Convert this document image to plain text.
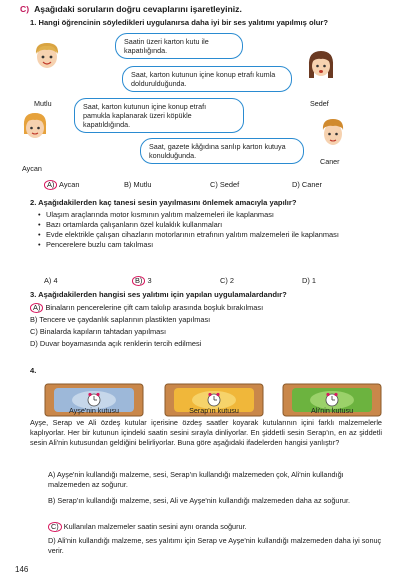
C) Aşağıdaki soruların doğru cevaplarını işaretleyiniz.
1. Hangi öğrencinin söyledikleri uygulanırsa daha iyi bir ses yalıtımı yapılmış olur?
Mutlu	Sedef
Aycan
Caner
Saatin üzeri karton kutu ile kapatılığında.
Saat, karton kutunun içine konup etrafı kumla doldurulduğunda.
Saat, karton kutunun içine konup etrafı pamukla kaplanarak üzeri köpükle kapatıldığında.
Saat, gazete kâğıdına sarılıp karton kutuya konulduğunda.
A) Aycan	B) Mutlu	C) Sedef	D) Caner
2. Aşağıdakilerden kaç tanesi sesin yayılmasını önlemek amacıyla yapılır?
• Ulaşım araçlarında motor kısmının yalıtım malzemeleri ile kaplanması
• Bazı ortamlarda çalışanların özel kulaklık kullanmaları
• Evde elektrikle çalışan cihazların motorlarının etrafının yalıtım malzemeleri ile kaplanması
• Pencerelere buzlu cam takılması
A) 4	B) 3	C) 2	D) 1
3. Aşağıdakilerden hangisi ses yalıtımı için yapılan uygulamalardandır?
A) Binaların pencerelerine çift cam takılıp arasında boşluk bırakılması
B) Tencere ve çaydanlık saplarının plastikten yapılması
C) Binalarda kapıların tahtadan yapılması
D) Duvar boyamasında açık renklerin tercih edilmesi
4.
Ayşe'nin kutusu	Serap'ın kutusu	Ali'nin kutusu
Ayşe, Serap ve Ali özdeş kutular içerisine özdeş saatler koyarak kutularının içini farklı malzemelerle kaplıyorlar. Her bir kutunun içindeki saatin sesini sırayla dinliyorlar. En şiddetli sesin Serap'ın, en az şiddetli sesin Ali'nin kutusundan geldiğini belirliyorlar. Buna göre aşağıdaki ifadelerden hangisi yanlıştır?
A) Ayşe'nin kullandığı malzeme, sesi, Serap'ın kullandığı malzemeden çok, Ali'nin kullandığı malzemeden az soğurur.
B) Serap'ın kullandığı malzeme, sesi, Ali ve Ayşe'nin kullandığı malzemeden daha az soğurur.
C) Kullanılan malzemeler saatin sesini aynı oranda soğurur.
D) Ali'nin kullandığı malzeme, ses yalıtımı için Serap ve Ayşe'nin kullandığı malzemeden daha iyi sonuç verir.
146
